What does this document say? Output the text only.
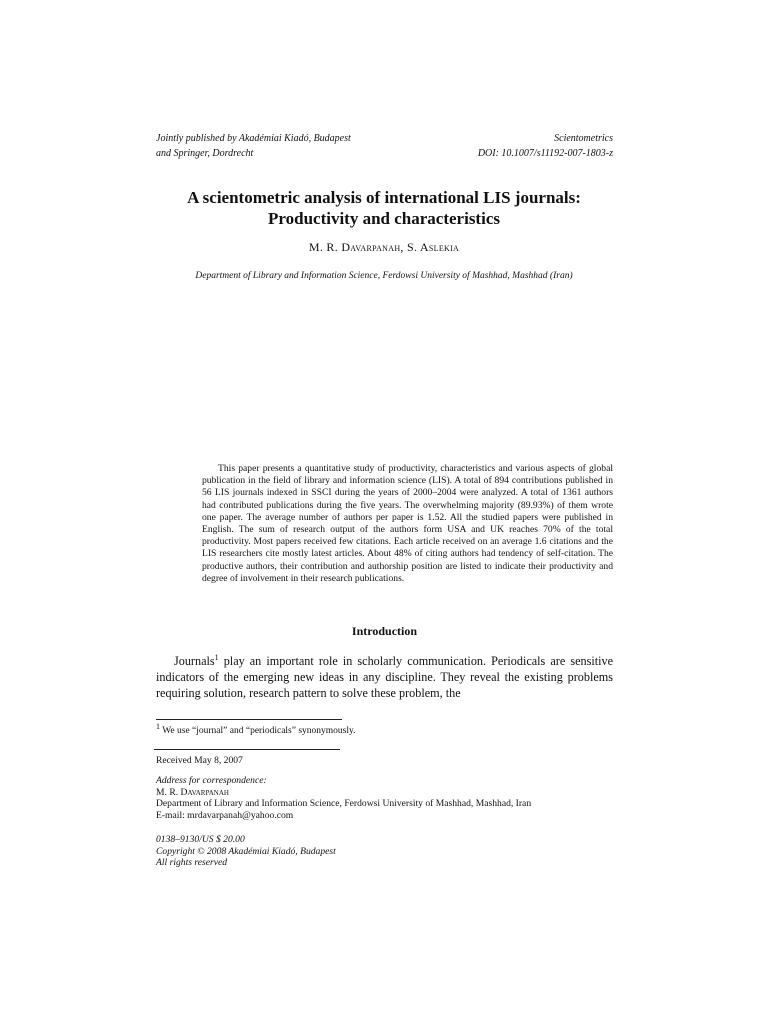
Jointly published by Akadémiai Kiadó, Budapest
and Springer, Dordrecht
Scientometrics
DOI: 10.1007/s11192-007-1803-z
A scientometric analysis of international LIS journals:
Productivity and characteristics
M. R. Davarpanah, S. Aslekia
Department of Library and Information Science, Ferdowsi University of Mashhad, Mashhad (Iran)

This paper presents a quantitative study of productivity, characteristics and various aspects of global publication in the field of library and information science (LIS). A total of 894 contributions published in 56 LIS journals indexed in SSCI during the years of 2000–2004 were analyzed. A total of 1361 authors had contributed publications during the five years. The overwhelming majority (89.93%) of them wrote one paper. The average number of authors per paper is 1.52. All the studied papers were published in English. The sum of research output of the authors form USA and UK reaches 70% of the total productivity. Most papers received few citations. Each article received on an average 1.6 citations and the LIS researchers cite mostly latest articles. About 48% of citing authors had tendency of self-citation. The productive authors, their contribution and authorship position are listed to indicate their productivity and degree of involvement in their research publications.

Introduction

Journals$^1$ play an important role in scholarly communication. Periodicals are sensitive indicators of the emerging new ideas in any discipline. They reveal the existing problems requiring solution, research pattern to solve these problem, the

$^1$ We use “journal” and “periodicals” synonymously.
Received May 8, 2007
Address for correspondence:
M. R. Davarpanah
Department of Library and Information Science, Ferdowsi University of Mashhad, Mashhad, Iran
E-mail: mrdavarpanah@yahoo.com
0138–9130/US $ 20.00
Copyright © 2008 Akadémiai Kiadó, Budapest
All rights reserved
